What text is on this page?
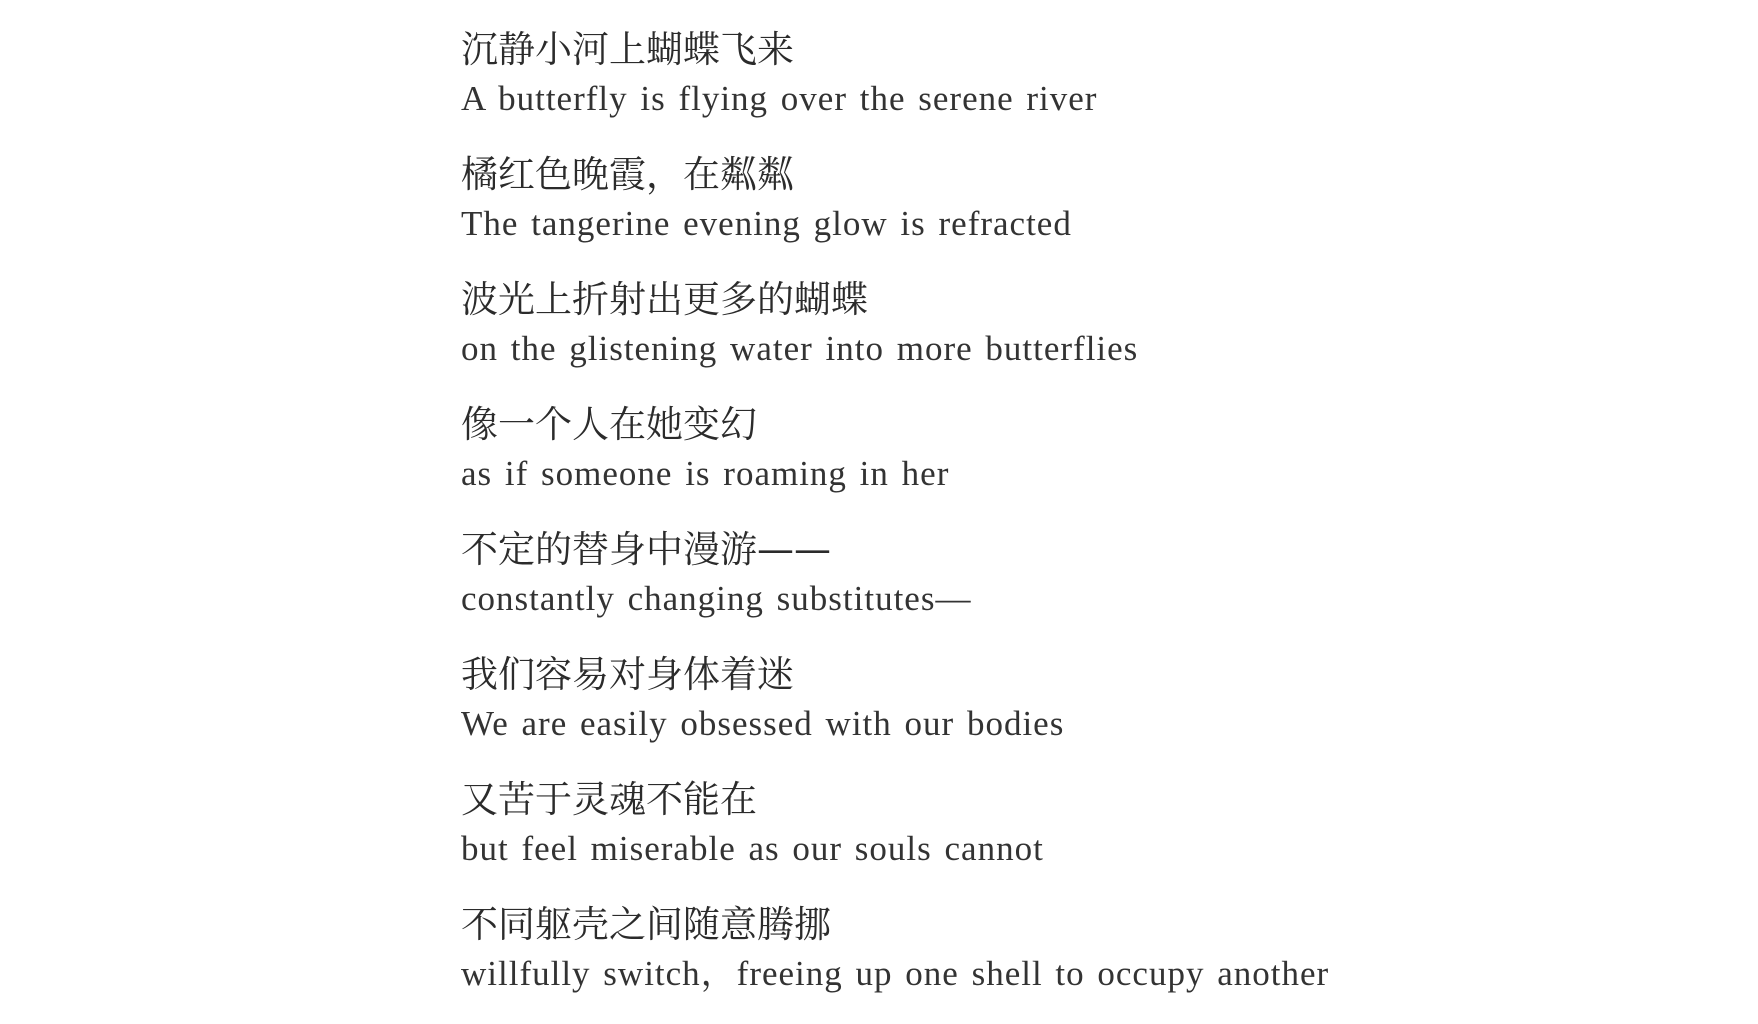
沉静小河上蝴蝶飞来
A butterfly is flying over the serene river
橘红色晚霞，在粼粼
The tangerine evening glow is refracted
波光上折射出更多的蝴蝶
on the glistening water into more butterflies
像一个人在她变幻
as if someone is roaming in her
不定的替身中漫游——
constantly changing substitutes—
我们容易对身体着迷
We are easily obsessed with our bodies
又苦于灵魂不能在
but feel miserable as our souls cannot
不同躯壳之间随意腾挪
willfully switch，freeing up one shell to occupy another
